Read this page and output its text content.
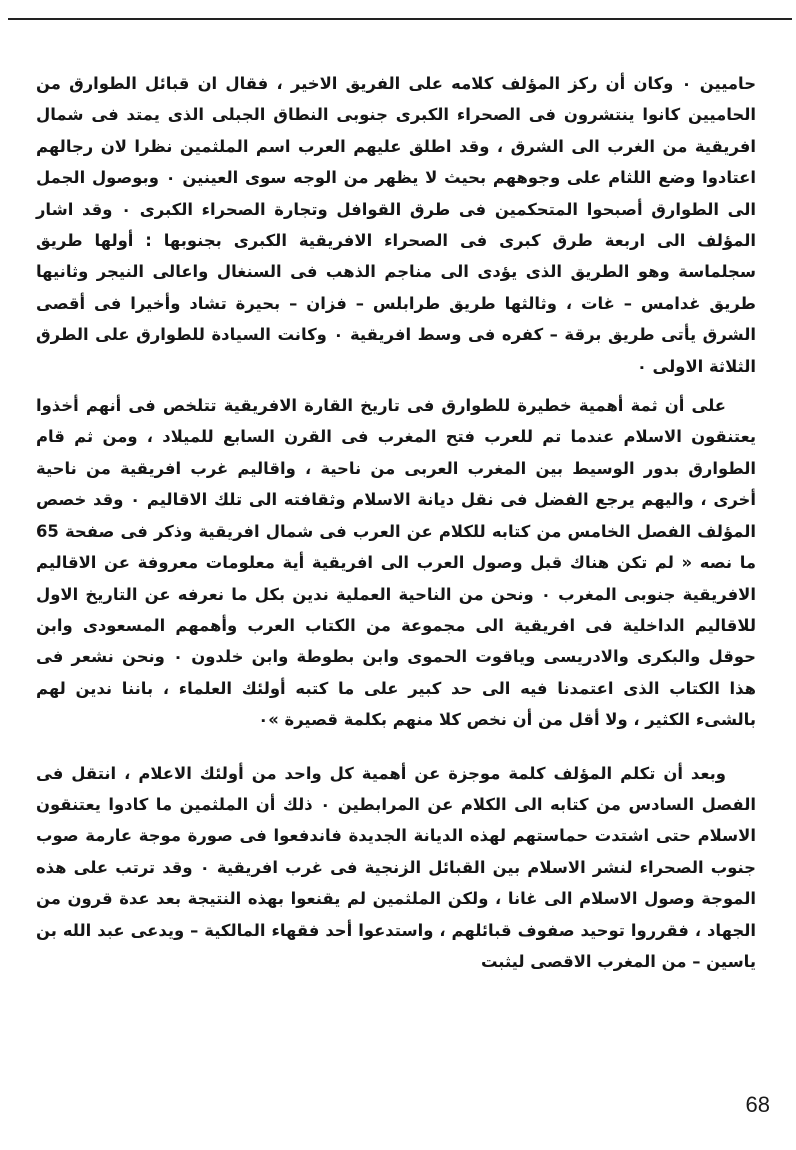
حاميين ٠ وكان أن ركز المؤلف كلامه على الفريق الاخير ، فقال ان قبائل الطوارق من الحاميين كانوا ينتشرون فى الصحراء الكبرى جنوبى النطاق الجبلى الذى يمتد فى شمال افريقية من الغرب الى الشرق ، وقد اطلق عليهم العرب اسم الملثمين نظرا لان رجالهم اعتادوا وضع اللثام على وجوههم بحيث لا يظهر من الوجه سوى العينين ٠ وبوصول الجمل الى الطوارق أصبحوا المتحكمين فى طرق القوافل وتجارة الصحراء الكبرى ٠ وقد اشار المؤلف الى اربعة طرق كبرى فى الصحراء الافريقية الكبرى بجنوبها : أولها طريق سجلماسة وهو الطريق الذى يؤدى الى مناجم الذهب فى السنغال واعالى النيجر وثانيها طريق غدامس – غات ، وثالثها طريق طرابلس – فزان – بحيرة تشاد وأخيرا فى أقصى الشرق يأتى طريق برقة – كفره فى وسط افريقية ٠ وكانت السيادة للطوارق على الطرق الثلاثة الاولى ٠

على أن ثمة أهمية خطيرة للطوارق فى تاريخ القارة الافريقية تتلخص فى أنهم أخذوا يعتنقون الاسلام عندما تم للعرب فتح المغرب فى القرن السابع للميلاد ، ومن ثم قام الطوارق بدور الوسيط بين المغرب العربى من ناحية ، واقاليم غرب افريقية من ناحية أخرى ، واليهم يرجع الفضل فى نقل ديانة الاسلام وثقافته الى تلك الاقاليم ٠ وقد خصص المؤلف الفصل الخامس من كتابه للكلام عن العرب فى شمال افريقية وذكر فى صفحة 65 ما نصه « لم تكن هناك قبل وصول العرب الى افريقية أية معلومات معروفة عن الاقاليم الافريقية جنوبى المغرب ٠ ونحن من الناحية العملية ندين بكل ما نعرفه عن التاريخ الاول للاقاليم الداخلية فى افريقية الى مجموعة من الكتاب العرب وأهمهم المسعودى وابن حوقل والبكرى والادريسى وياقوت الحموى وابن بطوطة وابن خلدون ٠ ونحن نشعر فى هذا الكتاب الذى اعتمدنا فيه الى حد كبير على ما كتبه أولئك العلماء ، باننا ندين لهم بالشىء الكثير ، ولا أقل من أن نخص كلا منهم بكلمة قصيرة »٠

وبعد أن تكلم المؤلف كلمة موجزة عن أهمية كل واحد من أولئك الاعلام ، انتقل فى الفصل السادس من كتابه الى الكلام عن المرابطين ٠ ذلك أن الملثمين ما كادوا يعتنقون الاسلام حتى اشتدت حماستهم لهذه الديانة الجديدة فاندفعوا فى صورة موجة عارمة صوب جنوب الصحراء لنشر الاسلام بين القبائل الزنجية فى غرب افريقية ٠ وقد ترتب على هذه الموجة وصول الاسلام الى غانا ، ولكن الملثمين لم يقنعوا بهذه النتيجة بعد عدة قرون من الجهاد ، فقرروا توحيد صفوف قبائلهم ، واستدعوا أحد فقهاء المالكية – ويدعى عبد الله بن ياسين – من المغرب الاقصى ليثبت

68
